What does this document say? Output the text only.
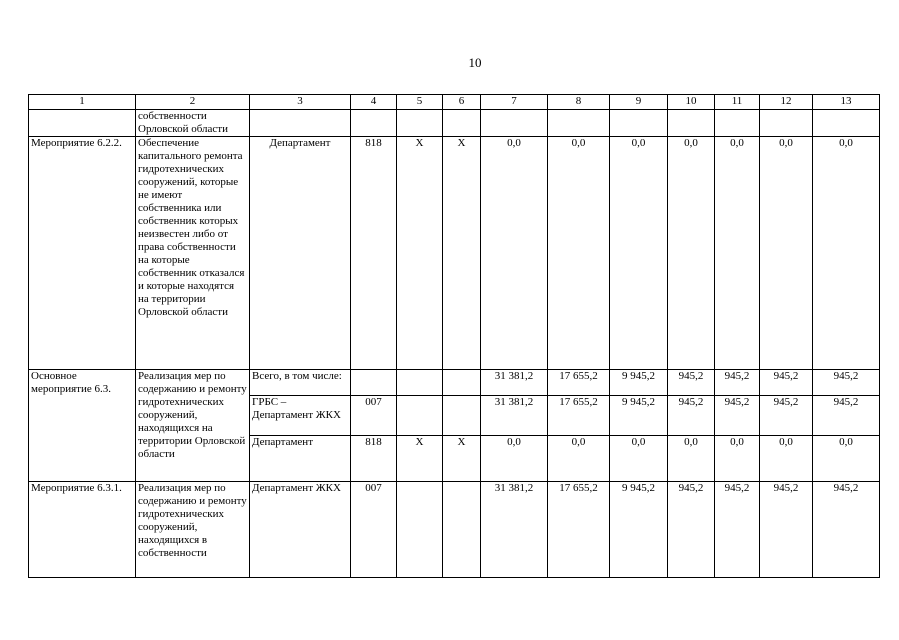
10
1	2	3	4	5	6	7	8	9	10	11	12	13
	собственности Орловской области											
Мероприятие 6.2.2.	Обеспечение капитального ремонта гидротехнических сооружений, которые не имеют собственника или собственник которых неизвестен либо от права собственности на которые собственник отказался и которые находятся на территории Орловской области	Департамент	818	X	X	0,0	0,0	0,0	0,0	0,0	0,0	0,0
Основное мероприятие 6.3.	Реализация мер по содержанию и ремонту гидротехнических сооружений, находящихся на территории Орловской области	Всего, в том числе:				31 381,2	17 655,2	9 945,2	945,2	945,2	945,2	945,2
		ГРБС – Департамент ЖКХ	007			31 381,2	17 655,2	9 945,2	945,2	945,2	945,2	945,2
		Департамент	818	X	X	0,0	0,0	0,0	0,0	0,0	0,0	0,0
Мероприятие 6.3.1.	Реализация мер по содержанию и ремонту гидротехнических сооружений, находящихся в собственности	Департамент ЖКХ	007			31 381,2	17 655,2	9 945,2	945,2	945,2	945,2	945,2
